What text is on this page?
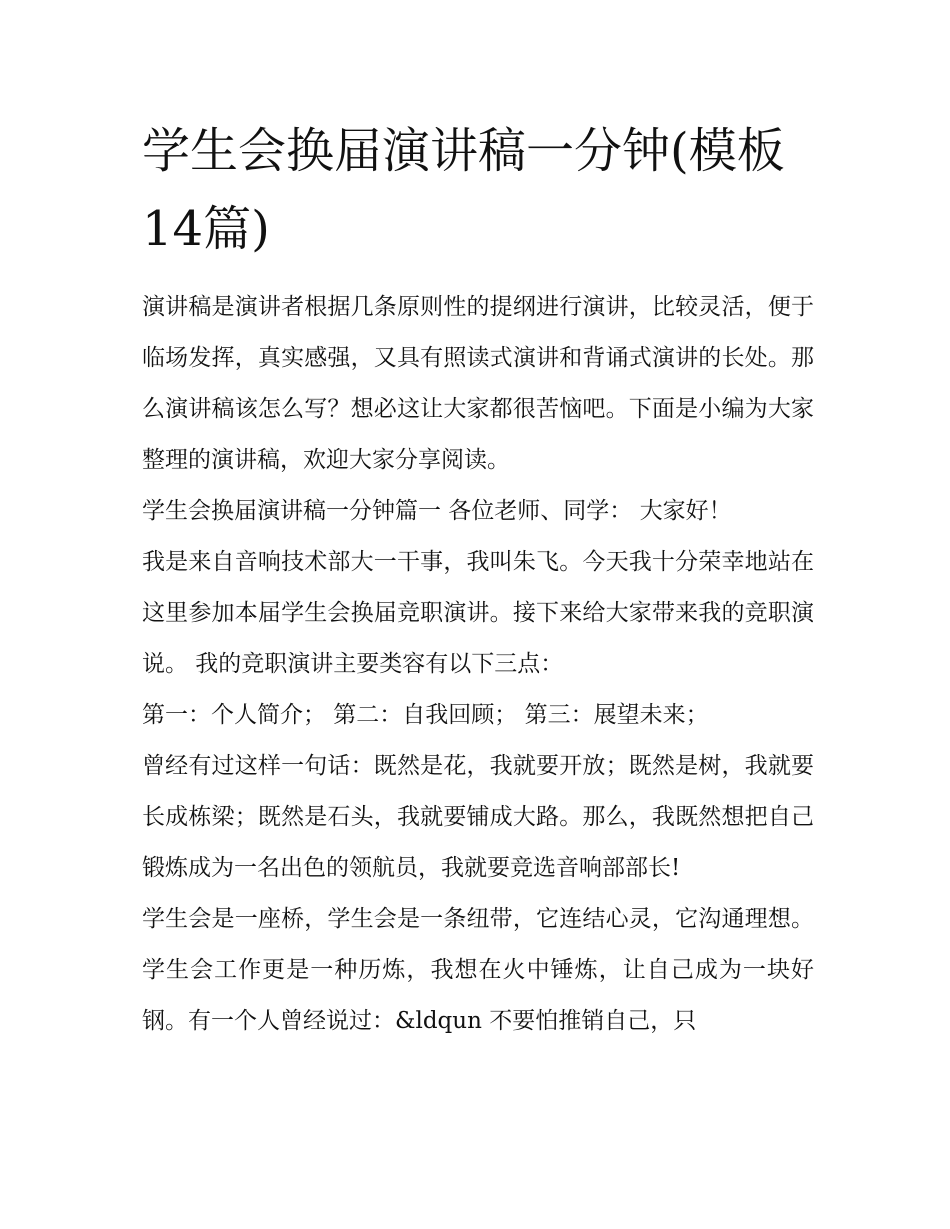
学生会换届演讲稿一分钟(模板14篇)

演讲稿是演讲者根据几条原则性的提纲进行演讲，比较灵活，便于临场发挥，真实感强，又具有照读式演讲和背诵式演讲的长处。那么演讲稿该怎么写？想必这让大家都很苦恼吧。下面是小编为大家整理的演讲稿，欢迎大家分享阅读。

学生会换届演讲稿一分钟篇一 各位老师、同学： 大家好！

我是来自音响技术部大一干事，我叫朱飞。今天我十分荣幸地站在这里参加本届学生会换届竞职演讲。接下来给大家带来我的竞职演说。 我的竞职演讲主要类容有以下三点：

第一：个人简介； 第二：自我回顾； 第三：展望未来；

曾经有过这样一句话：既然是花，我就要开放；既然是树，我就要长成栋梁；既然是石头，我就要铺成大路。那么，我既然想把自己锻炼成为一名出色的领航员，我就要竞选音响部部长!

学生会是一座桥，学生会是一条纽带，它连结心灵，它沟通理想。学生会工作更是一种历炼，我想在火中锤炼，让自己成为一块好钢。有一个人曾经说过：&ldqun 不要怕推销自己，只
